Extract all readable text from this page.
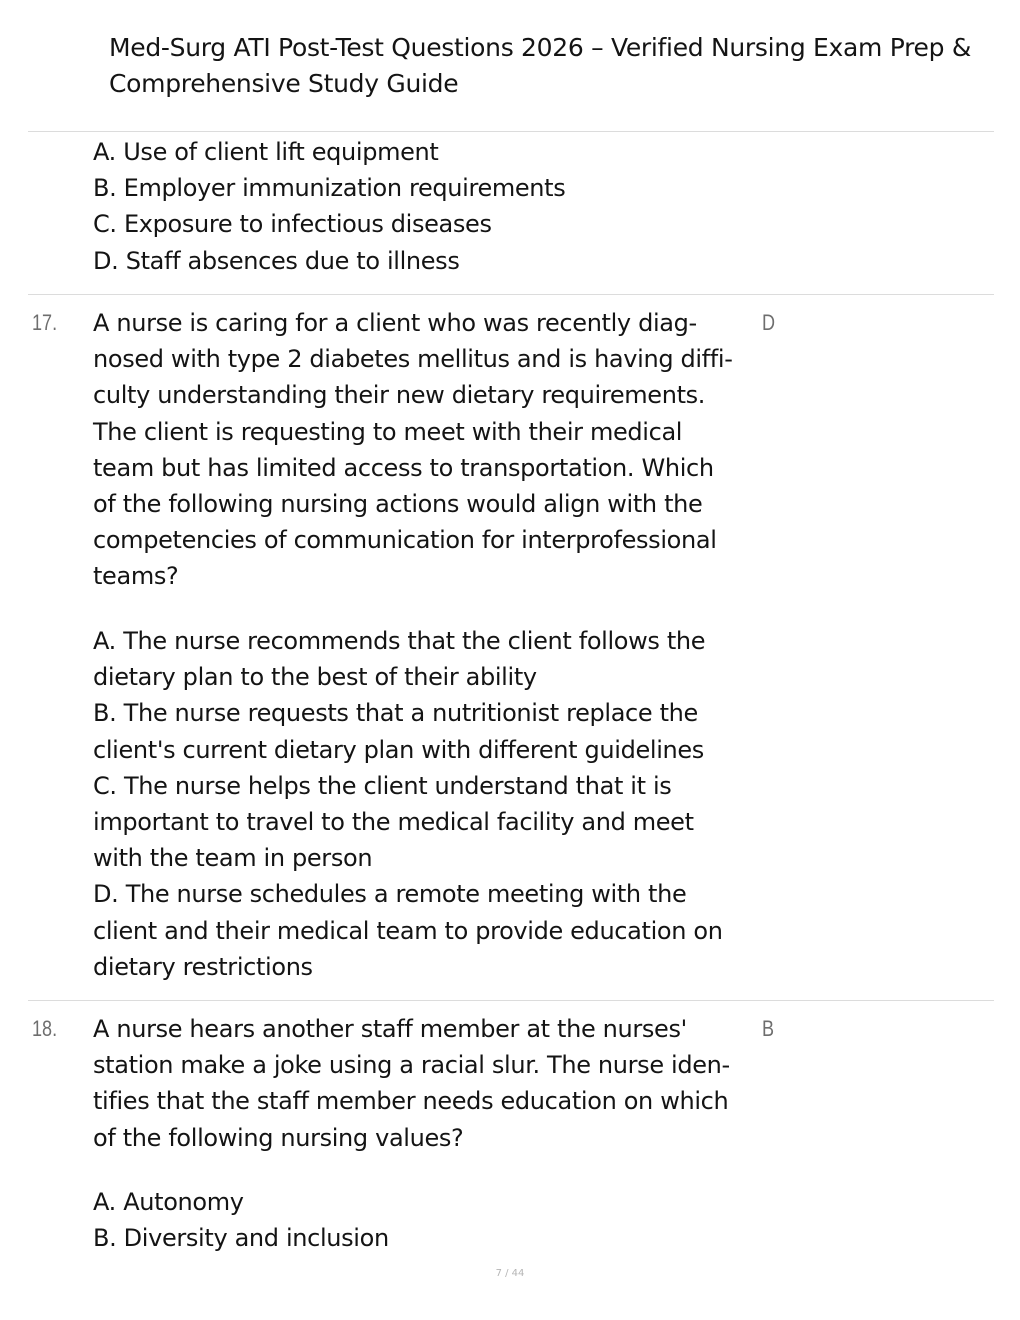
Med-Surg ATI Post-Test Questions 2026 – Verified Nursing Exam Prep &
Comprehensive Study Guide
A. Use of client lift equipment
B. Employer immunization requirements
C. Exposure to infectious diseases
D. Staff absences due to illness
17.	D
A nurse is caring for a client who was recently diag-
nosed with type 2 diabetes mellitus and is having diffi-
culty understanding their new dietary requirements.
The client is requesting to meet with their medical
team but has limited access to transportation. Which
of the following nursing actions would align with the
competencies of communication for interprofessional
teams?
A. The nurse recommends that the client follows the
dietary plan to the best of their ability
B. The nurse requests that a nutritionist replace the
client's current dietary plan with different guidelines
C. The nurse helps the client understand that it is
important to travel to the medical facility and meet
with the team in person
D. The nurse schedules a remote meeting with the
client and their medical team to provide education on
dietary restrictions
18.	B
A nurse hears another staff member at the nurses'
station make a joke using a racial slur. The nurse iden-
tifies that the staff member needs education on which
of the following nursing values?
A. Autonomy
B. Diversity and inclusion
7 / 44
